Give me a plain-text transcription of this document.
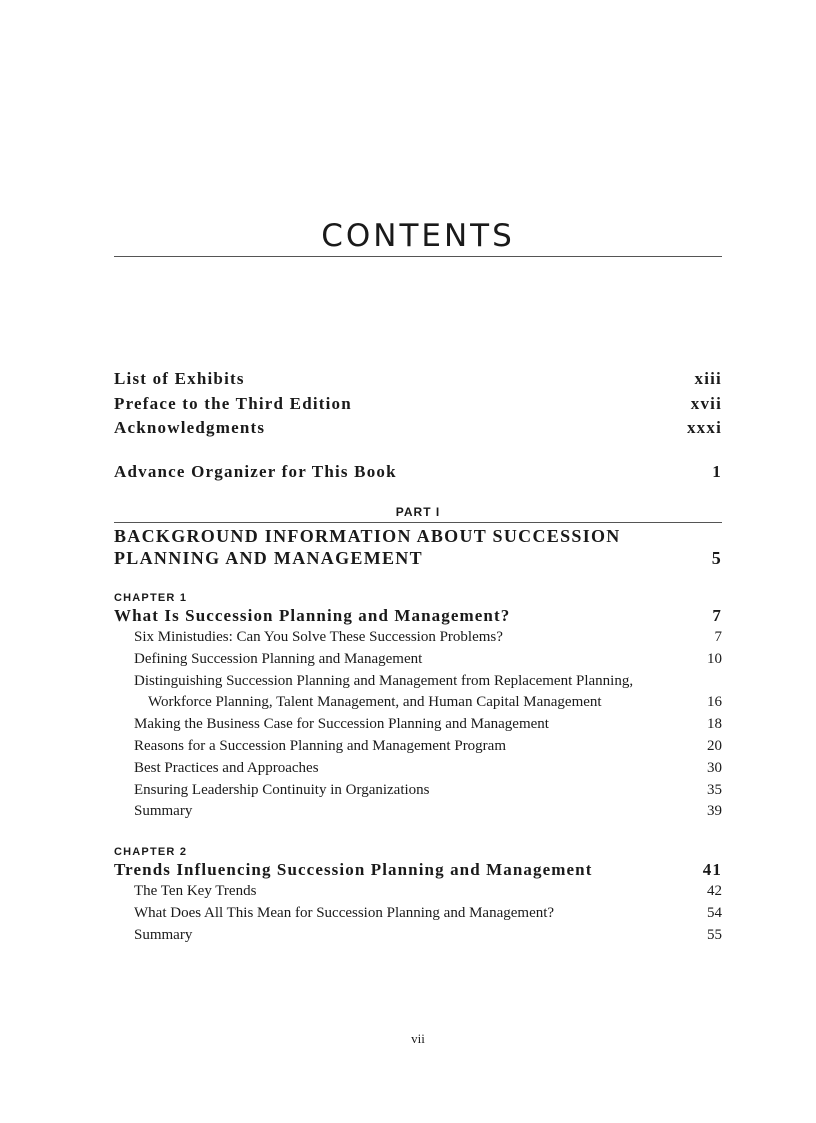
CONTENTS
List of Exhibits	xiii
Preface to the Third Edition	xvii
Acknowledgments	xxxi
Advance Organizer for This Book	1
PART I
BACKGROUND INFORMATION ABOUT SUCCESSION
PLANNING AND MANAGEMENT	5
CHAPTER 1
What Is Succession Planning and Management?	7
Six Ministudies: Can You Solve These Succession Problems?	7
Defining Succession Planning and Management	10
Distinguishing Succession Planning and Management from Replacement Planning, Workforce Planning, Talent Management, and Human Capital Management	16
Making the Business Case for Succession Planning and Management	18
Reasons for a Succession Planning and Management Program	20
Best Practices and Approaches	30
Ensuring Leadership Continuity in Organizations	35
Summary	39
CHAPTER 2
Trends Influencing Succession Planning and Management	41
The Ten Key Trends	42
What Does All This Mean for Succession Planning and Management?	54
Summary	55
vii
